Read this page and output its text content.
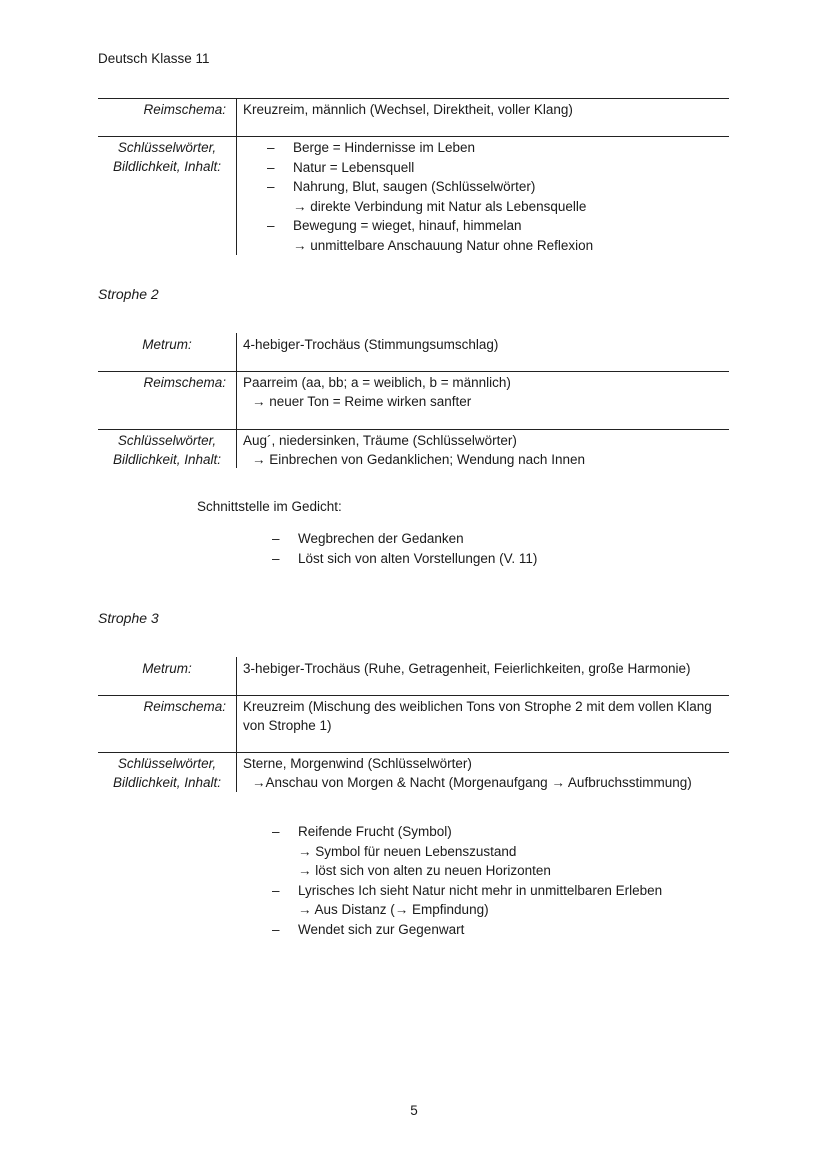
Deutsch Klasse 11
Reimschema: Kreuzreim, männlich (Wechsel, Direktheit, voller Klang)
Schlüsselwörter,
Bildlichkeit, Inhalt:
– Berge = Hindernisse im Leben
– Natur = Lebensquell
– Nahrung, Blut, saugen (Schlüsselwörter)
→ direkte Verbindung mit Natur als Lebensquelle
– Bewegung = wieget, hinauf, himmelan
→ unmittelbare Anschauung Natur ohne Reflexion
Strophe 2
Metrum:	4-hebiger-Trochäus (Stimmungsumschlag)
Reimschema: Paarreim (aa, bb; a = weiblich, b = männlich)
→ neuer Ton = Reime wirken sanfter
Schlüsselwörter,
Bildlichkeit, Inhalt:
Aug´, niedersinken, Träume (Schlüsselwörter)
→ Einbrechen von Gedanklichen; Wendung nach Innen
Schnittstelle im Gedicht:
– Wegbrechen der Gedanken
– Löst sich von alten Vorstellungen (V. 11)
Strophe 3
Metrum:	3-hebiger-Trochäus (Ruhe, Getragenheit, Feierlichkeiten, große Harmonie)
Reimschema: Kreuzreim (Mischung des weiblichen Tons von Strophe 2 mit dem vollen Klang
von Strophe 1)
Schlüsselwörter,
Bildlichkeit, Inhalt:
Sterne, Morgenwind (Schlüsselwörter)
→Anschau von Morgen & Nacht (Morgenaufgang → Aufbruchsstimmung)
– Reifende Frucht (Symbol)
→ Symbol für neuen Lebenszustand
→ löst sich von alten zu neuen Horizonten
– Lyrisches Ich sieht Natur nicht mehr in unmittelbaren Erleben
→ Aus Distanz (→ Empfindung)
– Wendet sich zur Gegenwart
5
